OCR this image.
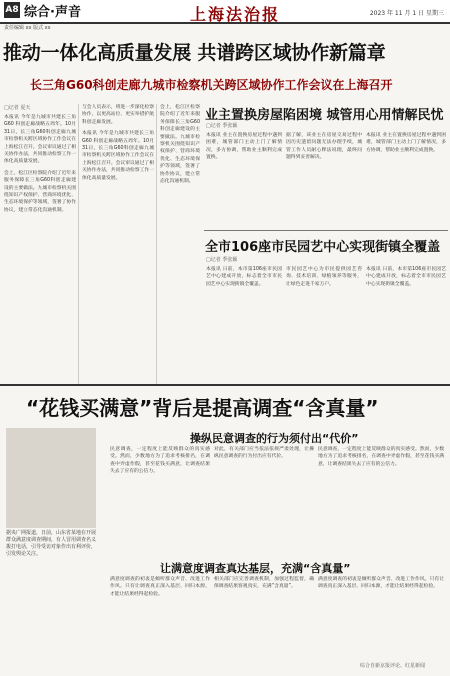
A8 综合·声音	上海法治报	2023 年 11 月 1 日 星期三
责任编辑 xx 版式 xx
推动一体化高质量发展 共谱跨区域协作新篇章
长三角G60科创走廊九城市检察机关跨区域协作工作会议在上海召开
□记者 夏天

本报讯 今年是九城市共建长三角 G60 科创走廊战略五周年。10月31日，长三角G60科创走廊九城市检察机关跨区域协作工作会议在上海松江召开。会议审议通过了相关协作办法，共同推动检察工作一体化高质量发展。

会上，松江区检察院介绍了近年来服务保障长三角G60科创走廊建设的主要做法。九城市检察机关围绕知识产权保护、营商环境优化、生态环境保护等领域，签署了协作协议，建立常态化沟通机制。

与会人员表示，将进一步深化检察协作，以更高站位、更实举措护航科创走廊发展。

本报讯 今年是九城市共建长三角 G60 科创走廊战略五周年。10月31日，长三角G60科创走廊九城市检察机关跨区域协作工作会议在上海松江召开。会议审议通过了相关协作办法，共同推动检察工作一体化高质量发展。

会上，松江区检察院介绍了近年来服务保障长三角G60科创走廊建设的主要做法。九城市检察机关围绕知识产权保护、营商环境优化、生态环境保护等领域，签署了协作协议，建立常态化沟通机制。

业主置换房屋陷困境 城管用心用情解民忧
□记者 季张颖

本报讯 业主在置换房屋过程中遇到困难，城管部门主动上门了解情况，多方协调，帮助业主顺利完成置换。

据了解，该业主在房屋交易过程中因历史遗留问题无法办理手续，城管工作人员耐心释法说理，最终问题得到妥善解决。

本报讯 业主在置换房屋过程中遇到困难，城管部门主动上门了解情况，多方协调，帮助业主顺利完成置换。

全市106座市民园艺中心实现街镇全覆盖
□记者 季张颖

本报讯 日前，本市第106座市民园艺中心建成开放，标志着全市市民园艺中心实现街镇全覆盖。

市民园艺中心为市民提供园艺咨询、技术培训、绿植领养等服务，让绿色走进千家万户。

本报讯 日前，本市第106座市民园艺中心建成开放，标志着全市市民园艺中心实现街镇全覆盖。

“花钱买满意”背后是提高调查“含真量”
据央广网报道，日前，山东省某地在开展群众满意度调查期间，有人冒用调查名义拨打电话，引导受访对象作出有利评价，引发舆论关注。
操纵民意调查的行为须付出“代价”

民意调查，一定程度上能反映群众的真实感受。然而，少数地方为了追求考核排名，在调查中弄虚作假，甚至花钱买满意，让调查结果失去了应有的公信力。

对此，有关部门应当依法依规严肃处理，让操纵民意调查的行为付出应有代价。

民意调查，一定程度上能反映群众的真实感受。然而，少数地方为了追求考核排名，在调查中弄虚作假，甚至花钱买满意，让调查结果失去了应有的公信力。

让满意度调查真达基层，充满“含真量”

满意度调查的初衷是倾听群众声音、改进工作作风。只有让调查真正深入基层、回归本源，才能让结果经得起检验。

相关部门应完善调查机制，加强过程监督，确保调查结果客观真实，充满“含真量”。

满意度调查的初衷是倾听群众声音、改进工作作风。只有让调查真正深入基层、回归本源，才能让结果经得起检验。

综合自新京报评论、红星新闻
